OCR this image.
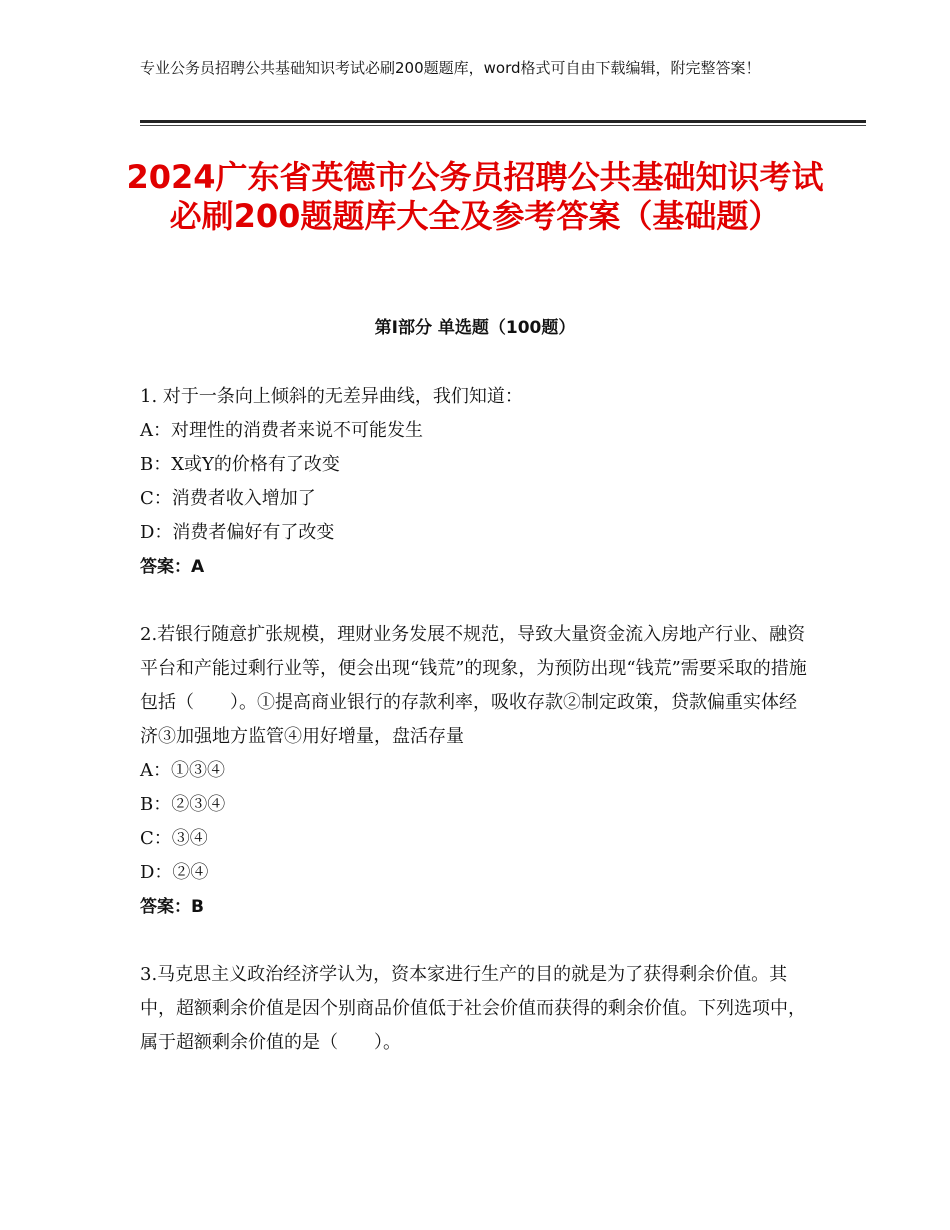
专业公务员招聘公共基础知识考试必刷200题题库，word格式可自由下载编辑，附完整答案！
2024广东省英德市公务员招聘公共基础知识考试必刷200题题库大全及参考答案（基础题）
第Ⅰ部分 单选题（100题）

1. 对于一条向上倾斜的无差异曲线，我们知道：

A：对理性的消费者来说不可能发生

B：X或Y的价格有了改变

C：消费者收入增加了

D：消费者偏好有了改变

答案：A

2.若银行随意扩张规模，理财业务发展不规范，导致大量资金流入房地产行业、融资平台和产能过剩行业等，便会出现“钱荒”的现象，为预防出现“钱荒”需要采取的措施包括（　　）。①提高商业银行的存款利率，吸收存款②制定政策，贷款偏重实体经济③加强地方监管④用好增量，盘活存量

A：①③④

B：②③④

C：③④

D：②④

答案：B

3.马克思主义政治经济学认为，资本家进行生产的目的就是为了获得剩余价值。其中，超额剩余价值是因个别商品价值低于社会价值而获得的剩余价值。下列选项中，属于超额剩余价值的是（　　）。
